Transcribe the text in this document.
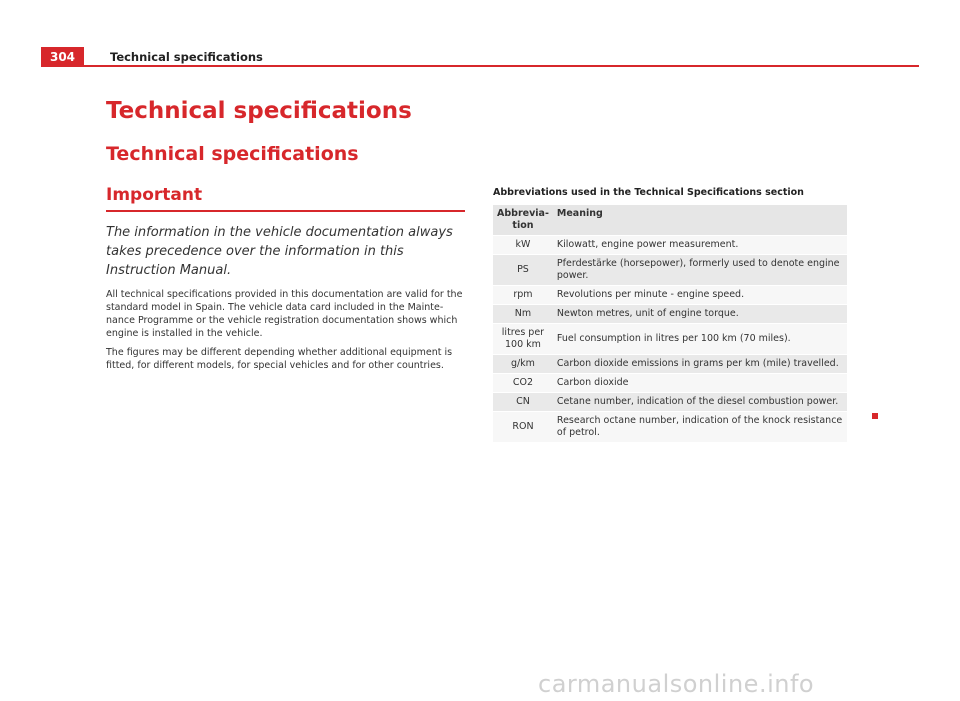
304	Technical specifications
Technical specifications
Technical specifications
Important

The information in the vehicle documentation always takes precedence over the information in this Instruction Manual.

All technical specifications provided in this documentation are valid for the standard model in Spain. The vehicle data card included in the Maintenance Programme or the vehicle registration documentation shows which engine is installed in the vehicle.

The figures may be different depending whether additional equipment is fitted, for different models, for special vehicles and for other countries.

Abbreviations used in the Technical Specifications section

Abbreviation	Meaning
kW	Kilowatt, engine power measurement.
PS	Pferdestärke (horsepower), formerly used to denote engine power.
rpm	Revolutions per minute - engine speed.
Nm	Newton metres, unit of engine torque.
litres per 100 km	Fuel consumption in litres per 100 km (70 miles).
g/km	Carbon dioxide emissions in grams per km (mile) travelled.
CO2	Carbon dioxide
CN	Cetane number, indication of the diesel combustion power.
RON	Research octane number, indication of the knock resistance of petrol.
carmanualsonline.info
